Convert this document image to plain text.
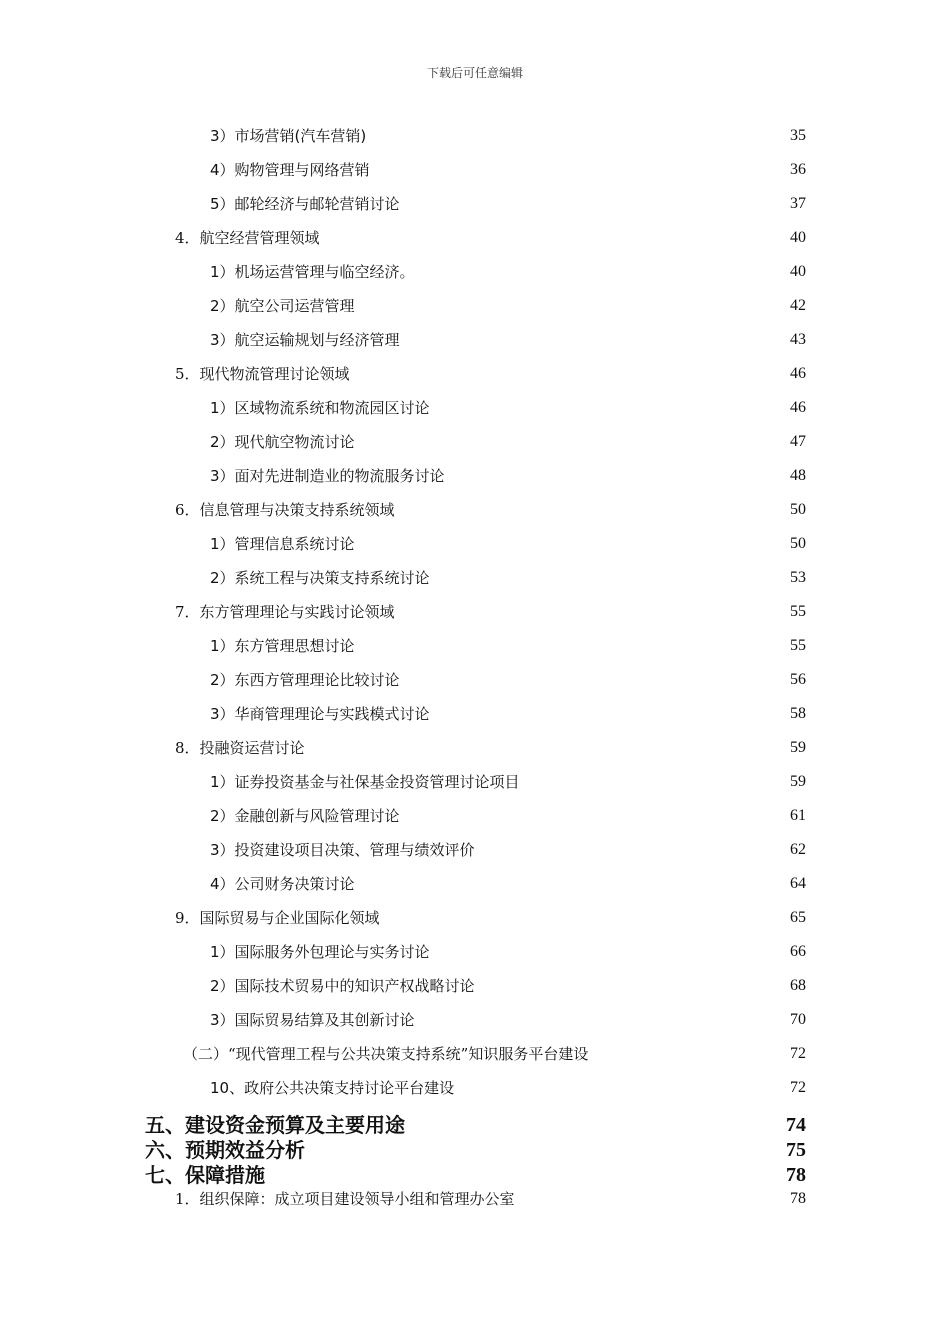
下载后可任意编辑
3）市场营销(汽车营销)	35
4）购物管理与网络营销	36
5）邮轮经济与邮轮营销讨论	37
4．航空经营管理领域	40
1）机场运营管理与临空经济。	40
2）航空公司运营管理	42
3）航空运输规划与经济管理	43
5．现代物流管理讨论领域	46
1）区域物流系统和物流园区讨论	46
2）现代航空物流讨论	47
3）面对先进制造业的物流服务讨论	48
6．信息管理与决策支持系统领域	50
1）管理信息系统讨论	50
2）系统工程与决策支持系统讨论	53
7．东方管理理论与实践讨论领域	55
1）东方管理思想讨论	55
2）东西方管理理论比较讨论	56
3）华商管理理论与实践模式讨论	58
8．投融资运营讨论	59
1）证券投资基金与社保基金投资管理讨论项目	59
2）金融创新与风险管理讨论	61
3）投资建设项目决策、管理与绩效评价	62
4）公司财务决策讨论	64
9．国际贸易与企业国际化领域	65
1）国际服务外包理论与实务讨论	66
2）国际技术贸易中的知识产权战略讨论	68
3）国际贸易结算及其创新讨论	70
（二）“现代管理工程与公共决策支持系统”知识服务平台建设	72
10、政府公共决策支持讨论平台建设	72
五、建设资金预算及主要用途	74
六、预期效益分析	75
七、保障措施	78
1．组织保障：成立项目建设领导小组和管理办公室	78
